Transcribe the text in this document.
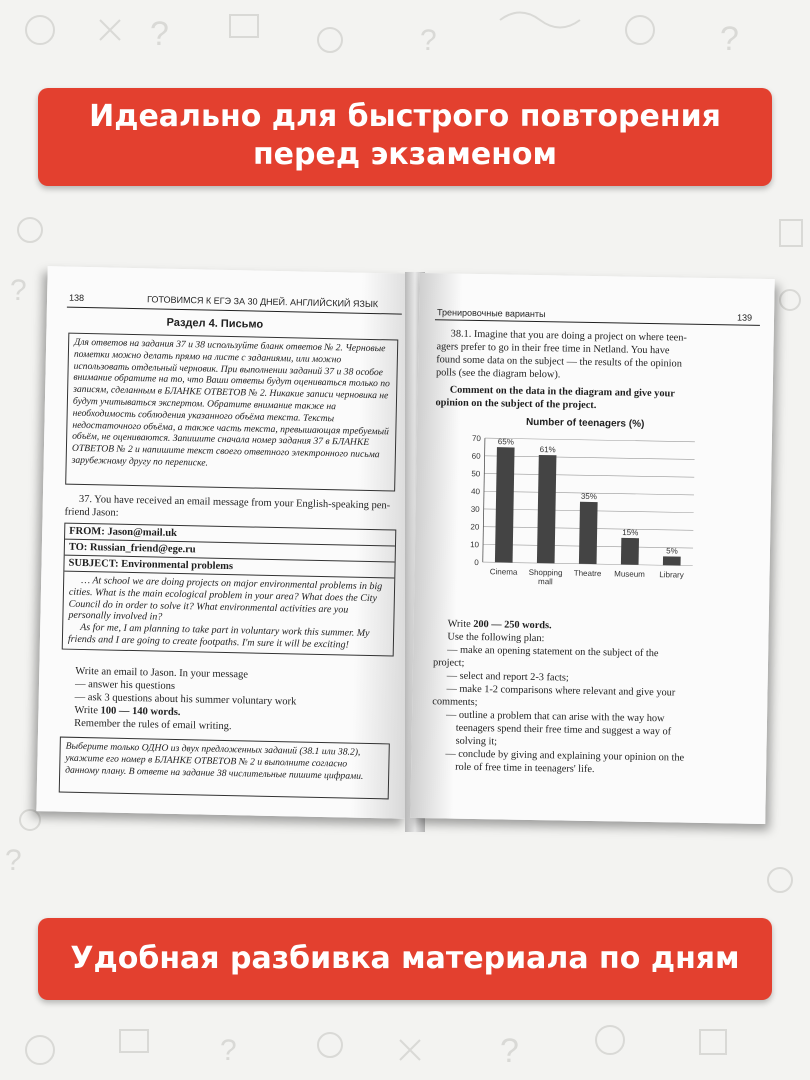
?	?	?
?
?
?	?
Идеально для быстрого повторения
перед экзаменом
138	ГОТОВИМСЯ К ЕГЭ ЗА 30 ДНЕЙ. АНГЛИЙСКИЙ ЯЗЫК
Раздел 4. Письмо
Для ответов на задания 37 и 38 используйте бланк ответов № 2. Черновые пометки можно делать прямо на листе с заданиями, или можно использовать отдельный черновик. При выполнении заданий 37 и 38 особое внимание обратите на то, что Ваши ответы будут оцениваться только по записям, сделанным в БЛАНКЕ ОТВЕТОВ № 2. Никакие записи черновика не будут учитываться экспертом. Обратите внимание также на необходимость соблюдения указанного объёма текста. Тексты недостаточного объёма, а также часть текста, превышающая требуемый объём, не оцениваются. Запишите сначала номер задания 37 в БЛАНКЕ ОТВЕТОВ № 2 и напишите текст своего ответного электронного письма зарубежному другу по переписке.
37. You have received an email message from your English-speaking pen-friend Jason:
FROM: Jason@mail.uk
TO: Russian_friend@ege.ru
SUBJECT: Environmental problems
… At school we are doing projects on major environmental problems in big cities. What is the main ecological problem in your area? What does the City Council do in order to solve it? What environmental activities are you personally involved in?
As for me, I am planning to take part in voluntary work this summer. My friends and I are going to create footpaths. I'm sure it will be exciting!
Write an email to Jason. In your message
— answer his questions
— ask 3 questions about his summer voluntary work
Write 100 — 140 words.
Remember the rules of email writing.
Выберите только ОДНО из двух предложенных заданий (38.1 или 38.2), укажите его номер в БЛАНКЕ ОТВЕТОВ № 2 и выполните согласно данному плану. В ответе на задание 38 числительные пишите цифрами.
Тренировочные варианты	139
38.1. Imagine that you are doing a project on where teen-
agers prefer to go in their free time in Netland. You have
found some data on the subject — the results of the opinion
polls (see the diagram below).
Comment on the data in the diagram and give your
opinion on the subject of the project.
Number of teenagers (%)
0
10
20
30
40
50
60
70 65%
61%
35%
15%
5%
Cinema Shoppingmall
Theatre Museum Library
Write 200 — 250 words.
Use the following plan:
— make an opening statement on the subject of the
project;
— select and report 2-3 facts;
— make 1-2 comparisons where relevant and give your
comments;
— outline a problem that can arise with the way how
teenagers spend their free time and suggest a way of
solving it;
— conclude by giving and explaining your opinion on the
role of free time in teenagers' life.
Удобная разбивка материала по дням
